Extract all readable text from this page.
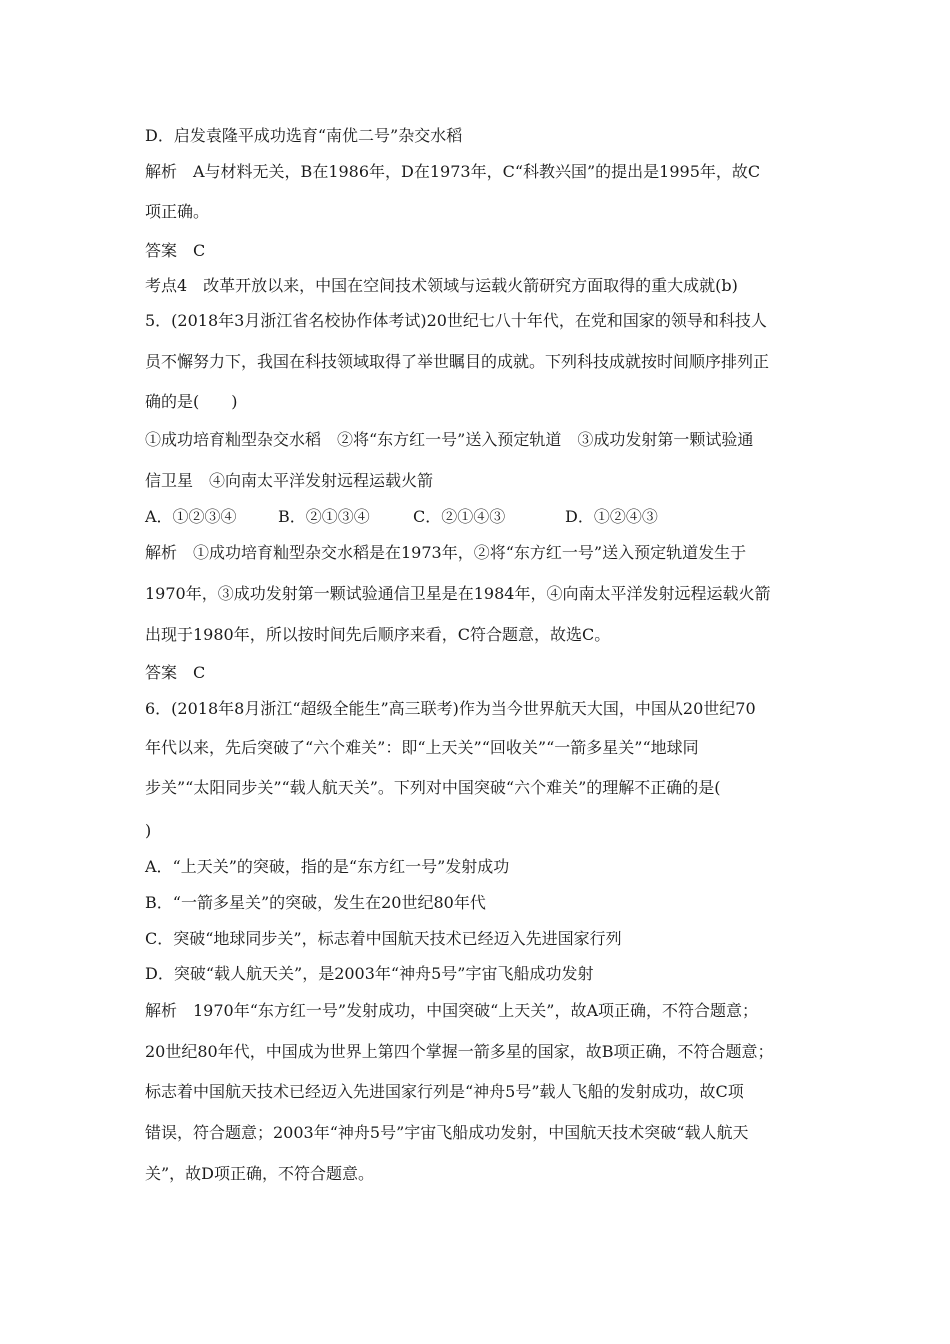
D．启发袁隆平成功选育“南优二号”杂交水稻
解析　A与材料无关，B在1986年，D在1973年，C“科教兴国”的提出是1995年，故C
项正确。
答案　C
考点4　改革开放以来，中国在空间技术领域与运载火箭研究方面取得的重大成就(b)
5．(2018年3月浙江省名校协作体考试)20世纪七八十年代，在党和国家的领导和科技人
员不懈努力下，我国在科技领域取得了举世瞩目的成就。下列科技成就按时间顺序排列正
确的是(　　)
①成功培育籼型杂交水稻　②将“东方红一号”送入预定轨道　③成功发射第一颗试验通
信卫星　④向南太平洋发射远程运载火箭
A．①②③④	B．②①③④	C．②①④③	D．①②④③
解析　①成功培育籼型杂交水稻是在1973年，②将“东方红一号”送入预定轨道发生于
1970年，③成功发射第一颗试验通信卫星是在1984年，④向南太平洋发射远程运载火箭
出现于1980年，所以按时间先后顺序来看，C符合题意，故选C。
答案　C
6．(2018年8月浙江“超级全能生”高三联考)作为当今世界航天大国，中国从20世纪70
年代以来，先后突破了“六个难关”：即“上天关”“回收关”“一箭多星关”“地球同
步关”“太阳同步关”“载人航天关”。下列对中国突破“六个难关”的理解不正确的是(
)
A．“上天关”的突破，指的是“东方红一号”发射成功
B．“一箭多星关”的突破，发生在20世纪80年代
C．突破“地球同步关”，标志着中国航天技术已经迈入先进国家行列
D．突破“载人航天关”，是2003年“神舟5号”宇宙飞船成功发射
解析　1970年“东方红一号”发射成功，中国突破“上天关”，故A项正确，不符合题意；
20世纪80年代，中国成为世界上第四个掌握一箭多星的国家，故B项正确，不符合题意；
标志着中国航天技术已经迈入先进国家行列是“神舟5号”载人飞船的发射成功，故C项
错误，符合题意；2003年“神舟5号”宇宙飞船成功发射，中国航天技术突破“载人航天
关”，故D项正确，不符合题意。
